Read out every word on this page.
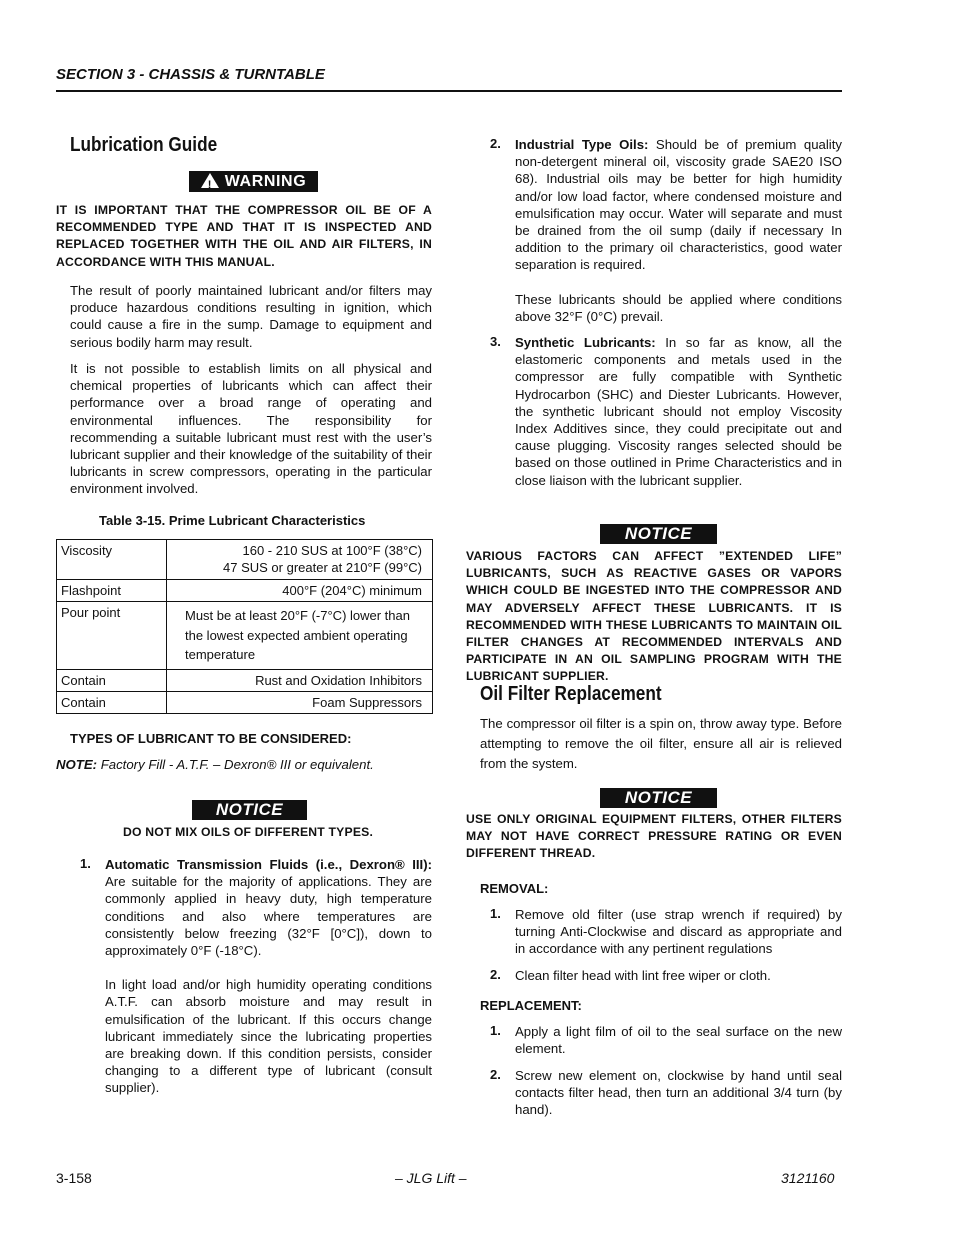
SECTION 3 - CHASSIS & TURNTABLE
Lubrication Guide
! WARNING
IT IS IMPORTANT THAT THE COMPRESSOR OIL BE OF A RECOMMENDED TYPE AND THAT IT IS INSPECTED AND REPLACED TOGETHER WITH THE OIL AND AIR FILTERS, IN ACCORDANCE WITH THIS MANUAL.
The result of poorly maintained lubricant and/or filters may produce hazardous conditions resulting in ignition, which could cause a fire in the sump. Damage to equipment and serious bodily harm may result.
It is not possible to establish limits on all physical and chemical properties of lubricants which can affect their performance over a broad range of operating and environmental influences. The responsibility for recommending a suitable lubricant must rest with the user’s lubricant supplier and their knowledge of the suitability of their lubricants in screw compressors, operating in the particular environment involved.
Table 3-15. Prime Lubricant Characteristics
Viscosity	160 - 210 SUS at 100°F (38°C)
47 SUS or greater at 210°F (99°C)

Flashpoint	400°F (204°C) minimum
Pour point	Must be at least 20°F (-7°C) lower than the lowest expected ambient operating temperature
Contain	Rust and Oxidation Inhibitors
Contain	Foam Suppressors
TYPES OF LUBRICANT TO BE CONSIDERED:
NOTE: Factory Fill - A.T.F. – Dexron® III or equivalent.
NOTICE
DO NOT MIX OILS OF DIFFERENT TYPES.
1. Automatic Transmission Fluids (i.e., Dexron® III): Are suitable for the majority of applications. They are commonly applied in heavy duty, high temperature conditions and also where temperatures are consistently below freezing (32°F [0°C]), down to approximately 0°F (-18°C).
In light load and/or high humidity operating conditions A.T.F. can absorb moisture and may result in emulsification of the lubricant. If this occurs change lubricant immediately since the lubricating properties are breaking down. If this condition persists, consider changing to a different type of lubricant (consult supplier).
2. Industrial Type Oils: Should be of premium quality non-detergent mineral oil, viscosity grade SAE20 ISO 68). Industrial oils may be better for high humidity and/or low load factor, where condensed moisture and emulsification may occur. Water will separate and must be drained from the oil sump (daily if necessary In addition to the primary oil characteristics, good water separation is required.
These lubricants should be applied where conditions above 32°F (0°C) prevail.
3. Synthetic Lubricants: In so far as know, all the elastomeric components and metals used in the compressor are fully compatible with Synthetic Hydrocarbon (SHC) and Diester Lubricants. However, the synthetic lubricant should not employ Viscosity Index Additives since, they could precipitate out and cause plugging. Viscosity ranges selected should be based on those outlined in Prime Characteristics and in close liaison with the lubricant supplier.
NOTICE
VARIOUS FACTORS CAN AFFECT ”EXTENDED LIFE” LUBRICANTS, SUCH AS REACTIVE GASES OR VAPORS WHICH COULD BE INGESTED INTO THE COMPRESSOR AND MAY ADVERSELY AFFECT THESE LUBRICANTS. IT IS RECOMMENDED WITH THESE LUBRICANTS TO MAINTAIN OIL FILTER CHANGES AT RECOMMENDED INTERVALS AND PARTICIPATE IN AN OIL SAMPLING PROGRAM WITH THE LUBRICANT SUPPLIER.
Oil Filter Replacement
The compressor oil filter is a spin on, throw away type. Before attempting to remove the oil filter, ensure all air is relieved from the system.
NOTICE
USE ONLY ORIGINAL EQUIPMENT FILTERS, OTHER FILTERS MAY NOT HAVE CORRECT PRESSURE RATING OR EVEN DIFFERENT THREAD.
REMOVAL:
1. Remove old filter (use strap wrench if required) by turning Anti-Clockwise and discard as appropriate and in accordance with any pertinent regulations
2. Clean filter head with lint free wiper or cloth.
REPLACEMENT:
1. Apply a light film of oil to the seal surface on the new element.
2. Screw new element on, clockwise by hand until seal contacts filter head, then turn an additional 3/4 turn (by hand).
3-158	– JLG Lift –	3121160
